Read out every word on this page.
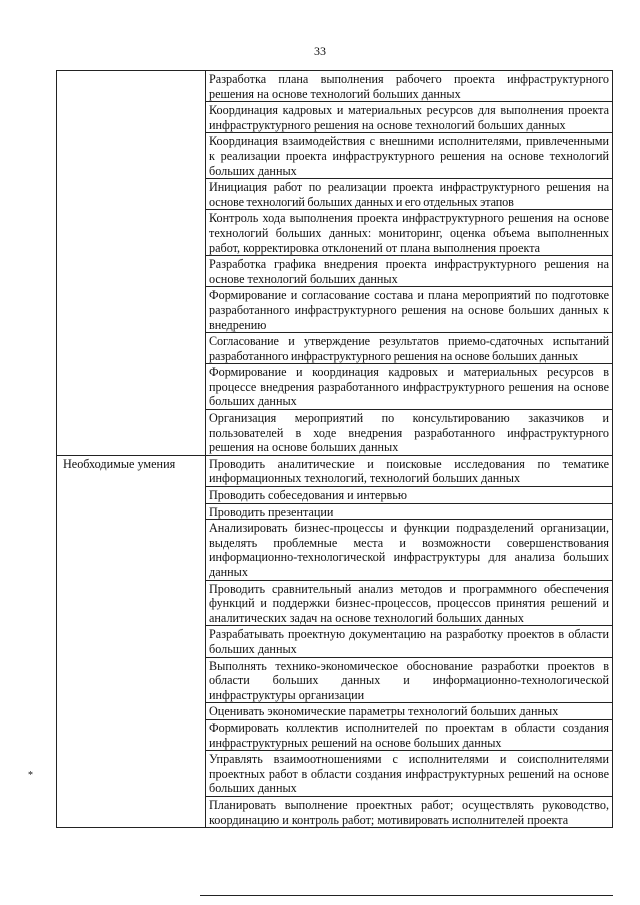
33
	Разработка плана выполнения рабочего проекта инфраструктурного решения на основе технологий больших данных
	Координация кадровых и материальных ресурсов для выполнения проекта инфраструктурного решения на основе технологий больших данных
	Координация взаимодействия с внешними исполнителями, привлеченными к реализации проекта инфраструктурного решения на основе технологий больших данных
	Инициация работ по реализации проекта инфраструктурного решения на основе технологий больших данных и его отдельных этапов
	Контроль хода выполнения проекта инфраструктурного решения на основе технологий больших данных: мониторинг, оценка объема выполненных работ, корректировка отклонений от плана выполнения проекта
	Разработка графика внедрения проекта инфраструктурного решения на основе технологий больших данных
	Формирование и согласование состава и плана мероприятий по подготовке разработанного инфраструктурного решения на основе больших данных к внедрению
	Согласование и утверждение результатов приемо-сдаточных испытаний разработанного инфраструктурного решения на основе больших данных
	Формирование и координация кадровых и материальных ресурсов в процессе внедрения разработанного инфраструктурного решения на основе больших данных
	Организация мероприятий по консультированию заказчиков и пользователей в ходе внедрения разработанного инфраструктурного решения на основе больших данных
Необходимые умения	Проводить аналитические и поисковые исследования по тематике информационных технологий, технологий больших данных
	Проводить собеседования и интервью
	Проводить презентации
	Анализировать бизнес-процессы и функции подразделений организации, выделять проблемные места и возможности совершенствования информационно-технологической инфраструктуры для анализа больших данных
	Проводить сравнительный анализ методов и программного обеспечения функций и поддержки бизнес-процессов, процессов принятия решений и аналитических задач на основе технологий больших данных
	Разрабатывать проектную документацию на разработку проектов в области больших данных
	Выполнять технико-экономическое обоснование разработки проектов в области больших данных и информационно-технологической инфраструктуры организации
	Оценивать экономические параметры технологий больших данных
	Формировать коллектив исполнителей по проектам в области создания инфраструктурных решений на основе больших данных
	Управлять взаимоотношениями с исполнителями и соисполнителями проектных работ в области создания инфраструктурных решений на основе больших данных
	Планировать выполнение проектных работ; осуществлять руководство, координацию и контроль работ; мотивировать исполнителей проекта
*
